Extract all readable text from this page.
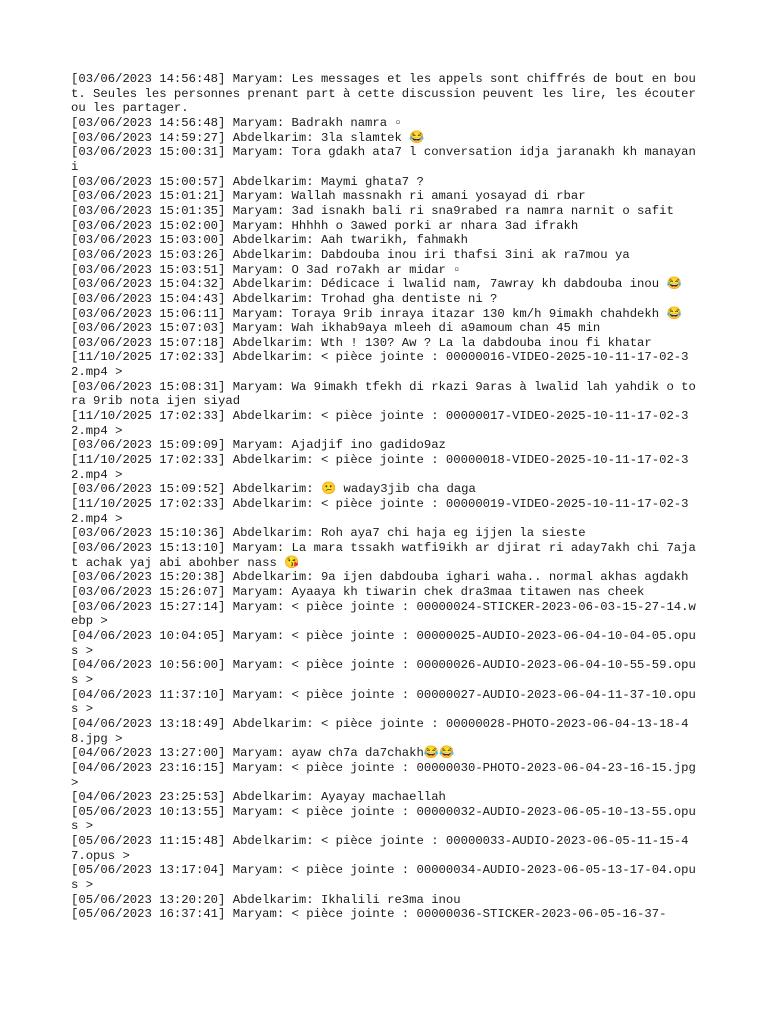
[03/06/2023 14:56:48] Maryam: Les messages et les appels sont chiffrés de bout en bout. Seules les personnes prenant part à cette discussion peuvent les lire, les écouter ou les partager.

[03/06/2023 14:56:48] Maryam: Badrakh namra ▫

[03/06/2023 14:59:27] Abdelkarim: 3la slamtek 😂

[03/06/2023 15:00:31] Maryam: Tora gdakh ata7 l conversation idja jaranakh kh manayani

[03/06/2023 15:00:57] Abdelkarim: Maymi ghata7 ?

[03/06/2023 15:01:21] Maryam: Wallah massnakh ri amani yosayad di rbar

[03/06/2023 15:01:35] Maryam: 3ad isnakh bali ri sna9rabed ra namra narnit o safit

[03/06/2023 15:02:00] Maryam: Hhhhh o 3awed porki ar nhara 3ad ifrakh

[03/06/2023 15:03:00] Abdelkarim: Aah twarikh, fahmakh

[03/06/2023 15:03:26] Abdelkarim: Dabdouba inou iri thafsi 3ini ak ra7mou ya

[03/06/2023 15:03:51] Maryam: O 3ad ro7akh ar midar ▫

[03/06/2023 15:04:32] Abdelkarim: Dédicace i lwalid nam, 7awray kh dabdouba inou 😂

[03/06/2023 15:04:43] Abdelkarim: Trohad gha dentiste ni ?

[03/06/2023 15:06:11] Maryam: Toraya 9rib inraya itazar 130 km/h 9imakh chahdekh 😂

[03/06/2023 15:07:03] Maryam: Wah ikhab9aya mleeh di a9amoum chan 45 min

[03/06/2023 15:07:18] Abdelkarim: Wth ! 130? Aw ? La la dabdouba inou fi khatar

[11/10/2025 17:02:33] Abdelkarim: < pièce jointe : 00000016-VIDEO-2025-10-11-17-02-32.mp4 >

[03/06/2023 15:08:31] Maryam: Wa 9imakh tfekh di rkazi 9aras à lwalid lah yahdik o tora 9rib nota ijen siyad

[11/10/2025 17:02:33] Abdelkarim: < pièce jointe : 00000017-VIDEO-2025-10-11-17-02-32.mp4 >

[03/06/2023 15:09:09] Maryam: Ajadjif ino gadido9az

[11/10/2025 17:02:33] Abdelkarim: < pièce jointe : 00000018-VIDEO-2025-10-11-17-02-32.mp4 >

[03/06/2023 15:09:52] Abdelkarim: 😕 waday3jib cha daga

[11/10/2025 17:02:33] Abdelkarim: < pièce jointe : 00000019-VIDEO-2025-10-11-17-02-32.mp4 >

[03/06/2023 15:10:36] Abdelkarim: Roh aya7 chi haja eg ijjen la sieste

[03/06/2023 15:13:10] Maryam: La mara tssakh watfi9ikh ar djirat ri aday7akh chi 7ajat achak yaj abi abohber nass 😘

[03/06/2023 15:20:38] Abdelkarim: 9a ijen dabdouba ighari waha.. normal akhas agdakh

[03/06/2023 15:26:07] Maryam: Ayaaya kh tiwarin chek dra3maa titawen nas cheek

[03/06/2023 15:27:14] Maryam: < pièce jointe : 00000024-STICKER-2023-06-03-15-27-14.webp >

[04/06/2023 10:04:05] Maryam: < pièce jointe : 00000025-AUDIO-2023-06-04-10-04-05.opus >

[04/06/2023 10:56:00] Maryam: < pièce jointe : 00000026-AUDIO-2023-06-04-10-55-59.opus >

[04/06/2023 11:37:10] Maryam: < pièce jointe : 00000027-AUDIO-2023-06-04-11-37-10.opus >

[04/06/2023 13:18:49] Abdelkarim: < pièce jointe : 00000028-PHOTO-2023-06-04-13-18-48.jpg >

[04/06/2023 13:27:00] Maryam: ayaw ch7a da7chakh😂😂

[04/06/2023 23:16:15] Maryam: < pièce jointe : 00000030-PHOTO-2023-06-04-23-16-15.jpg >

[04/06/2023 23:25:53] Abdelkarim: Ayayay machaellah

[05/06/2023 10:13:55] Maryam: < pièce jointe : 00000032-AUDIO-2023-06-05-10-13-55.opus >

[05/06/2023 11:15:48] Abdelkarim: < pièce jointe : 00000033-AUDIO-2023-06-05-11-15-47.opus >

[05/06/2023 13:17:04] Maryam: < pièce jointe : 00000034-AUDIO-2023-06-05-13-17-04.opus >

[05/06/2023 13:20:20] Abdelkarim: Ikhalili re3ma inou

[05/06/2023 16:37:41] Maryam: < pièce jointe : 00000036-STICKER-2023-06-05-16-37-
